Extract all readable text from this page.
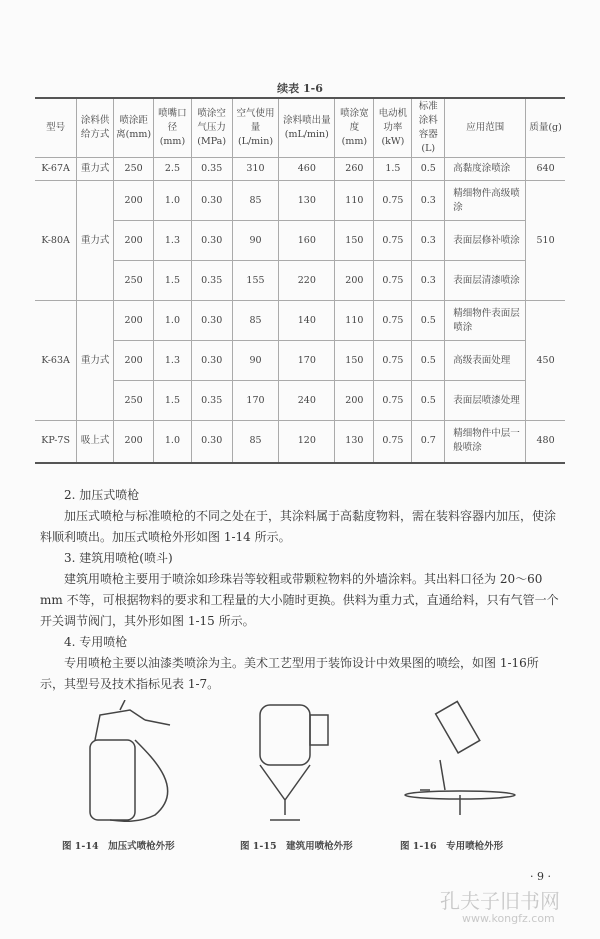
续表 1-6
型号	涂料供给方式	喷涂距离(mm)	喷嘴口径(mm)	喷涂空气压力(MPa)	空气使用量(L/min)	涂料喷出量(mL/min)	喷涂宽度(mm)	电动机功率(kW)	标准涂料容器(L)	应用范围	质量(g)
K-67A	重力式	250	2.5	0.35	310	460	260	1.5	0.5	高黏度涂喷涂	640
K-80A	重力式	200	1.0	0.30	85	130	110	0.75	0.3	精细物件高级喷涂	510
		200	1.3	0.30	90	160	150	0.75	0.3	表面层修补喷涂	
		250	1.5	0.35	155	220	200	0.75	0.3	表面层清漆喷涂	
K-63A	重力式	200	1.0	0.30	85	140	110	0.75	0.5	精细物件表面层喷涂	450
		200	1.3	0.30	90	170	150	0.75	0.5	高级表面处理	
		250	1.5	0.35	170	240	200	0.75	0.5	表面层喷漆处理	
KP-7S	吸上式	200	1.0	0.30	85	120	130	0.75	0.7	精细物件中层一般喷涂	480
2. 加压式喷枪

加压式喷枪与标准喷枪的不同之处在于，其涂料属于高黏度物料，需在装料容器内加压，使涂料顺利喷出。加压式喷枪外形如图 1-14 所示。

3. 建筑用喷枪(喷斗)

建筑用喷枪主要用于喷涂如珍珠岩等较粗或带颗粒物料的外墙涂料。其出料口径为 20～60 mm 不等，可根据物料的要求和工程量的大小随时更换。供料为重力式，直通给料，只有气管一个开关调节阀门，其外形如图 1-15 所示。

4. 专用喷枪

专用喷枪主要以油漆类喷涂为主。美术工艺型用于装饰设计中效果图的喷绘，如图 1-16所示，其型号及技术指标见表 1-7。

图 1-14　加压式喷枪外形	图 1-15　建筑用喷枪外形	图 1-16　专用喷枪外形
· 9 ·
孔夫子旧书网
www.kongfz.com
